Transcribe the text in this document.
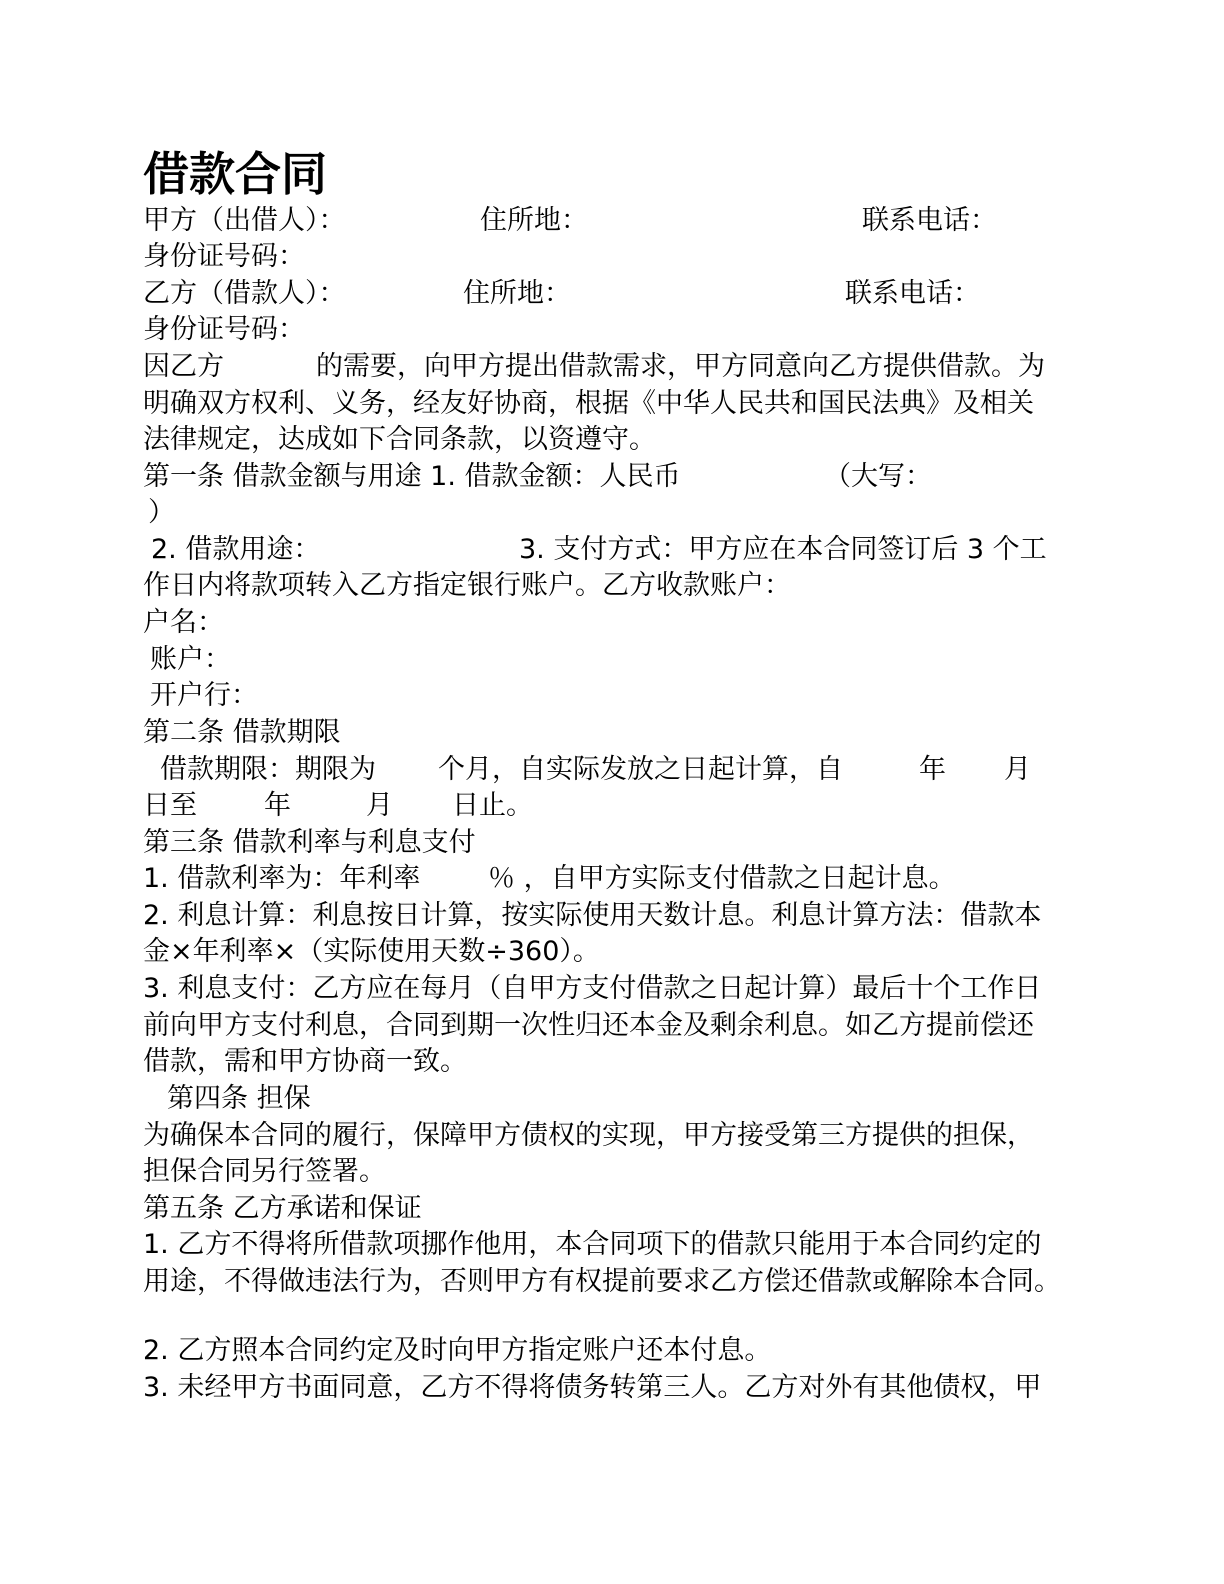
借款合同
甲方（出借人）：	住所地：	联系电话：
身份证号码：
乙方（借款人）：	住所地：	联系电话：
身份证号码：
因乙方	的需要，向甲方提出借款需求，甲方同意向乙方提供借款。为
明确双方权利、义务，经友好协商，根据《中华人民共和国民法典》及相关
法律规定，达成如下合同条款，以资遵守。
第一条 借款金额与用途 1. 借款金额：人民币	（大写：
）
2. 借款用途：	3. 支付方式：甲方应在本合同签订后 3 个工
作日内将款项转入乙方指定银行账户。乙方收款账户：
户名：
账户：
开户行：
第二条 借款期限
借款期限：期限为 个月，自实际发放之日起计算，自	年 月
日至 年	月 日止。
第三条 借款利率与利息支付
1. 借款利率为：年利率	％ ，自甲方实际支付借款之日起计息。
2. 利息计算：利息按日计算，按实际使用天数计息。利息计算方法：借款本
金×年利率×（实际使用天数÷360）。
3. 利息支付：乙方应在每月（自甲方支付借款之日起计算）最后十个工作日
前向甲方支付利息，合同到期一次性归还本金及剩余利息。如乙方提前偿还
借款，需和甲方协商一致。
第四条 担保
为确保本合同的履行，保障甲方债权的实现，甲方接受第三方提供的担保，
担保合同另行签署。
第五条 乙方承诺和保证
1. 乙方不得将所借款项挪作他用，本合同项下的借款只能用于本合同约定的
用途，不得做违法行为，否则甲方有权提前要求乙方偿还借款或解除本合同。
2. 乙方照本合同约定及时向甲方指定账户还本付息。
3. 未经甲方书面同意，乙方不得将债务转第三人。乙方对外有其他债权，甲
